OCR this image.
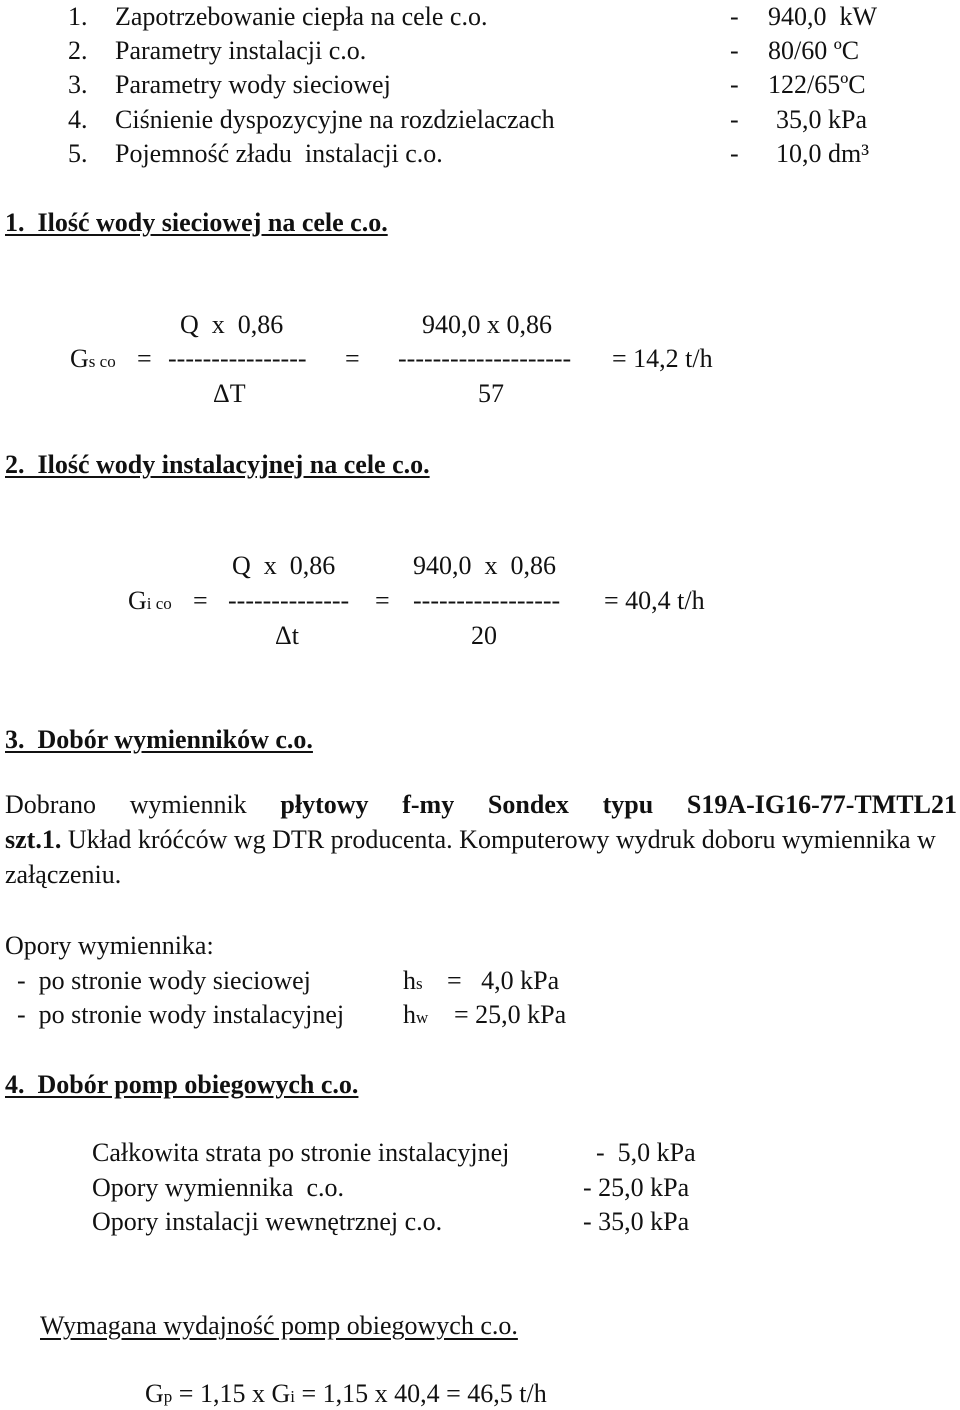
1. Zapotrzebowanie ciepła na cele c.o.	- 940,0  kW
2. Parametry instalacji c.o.	- 80/60 ºC
3. Parametry wody sieciowej	- 122/65ºC
4. Ciśnienie dyspozycyjne na rozdzielaczach	- 35,0 kPa
5. Pojemność zładu  instalacji c.o.	- 10,0 dm³
1.  Ilość wody sieciowej na cele c.o.
Q  x  0,86	940,0 x 0,86
Gs co = ---------------- = -------------------- = 14,2 t/h
ΔT	57
2.  Ilość wody instalacyjnej na cele c.o.
Q  x  0,86	940,0  x  0,86
Gi co = -------------- = ----------------- = 40,4 t/h
Δt	20
3.  Dobór wymienników c.o.
Dobrano wymiennik płytowy f-my Sondex typu S19A-IG16-77-TMTL21
szt.1. Układ króćców wg DTR producenta. Komputerowy wydruk doboru wymiennika w załączeniu.
Opory wymiennika:
-  po stronie wody sieciowej	hs =   4,0 kPa
-  po stronie wody instalacyjnej hw = 25,0 kPa
4.  Dobór pomp obiegowych c.o.
Całkowita strata po stronie instalacyjnej	-  5,0 kPa
Opory wymiennika  c.o.	- 25,0 kPa
Opory instalacji wewnętrznej c.o.	- 35,0 kPa
Wymagana wydajność pomp obiegowych c.o.
Gp = 1,15 x Gi = 1,15 x 40,4 = 46,5 t/h
